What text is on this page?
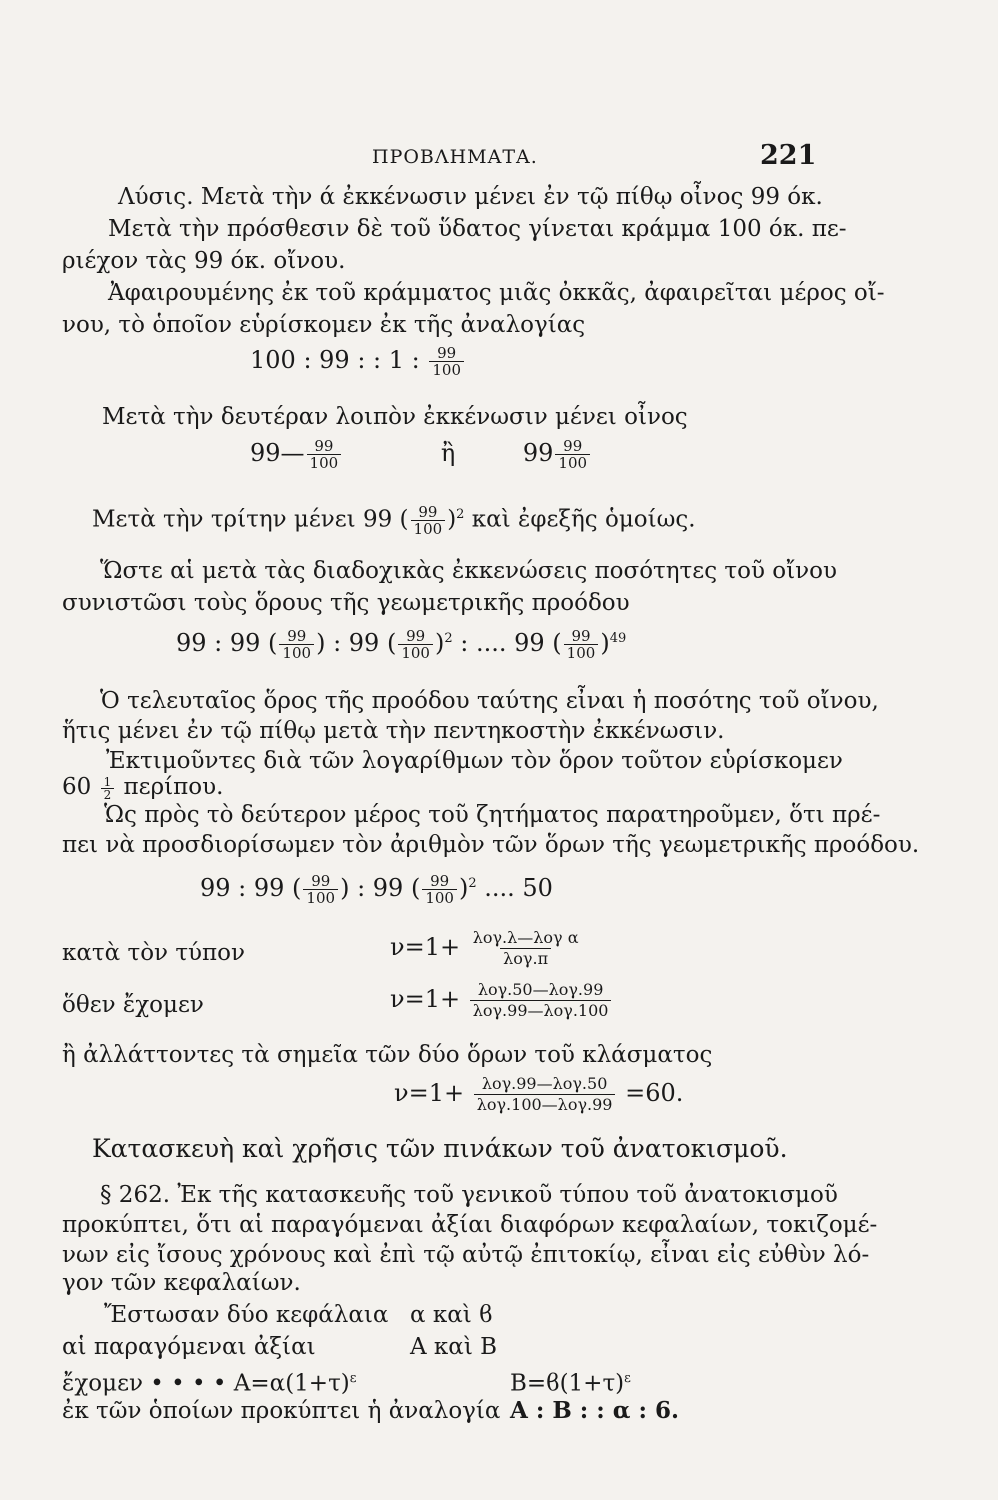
ΠΡΟΒΛΗΜΑΤΑ.	221
Λύσις. Μετὰ τὴν ά ἐκκένωσιν μένει ἐν τῷ πίθῳ οἶνος 99 όκ.
Μετὰ τὴν πρόσθεσιν δὲ τοῦ ὕδατος γίνεται κράμμα 100 όκ. πε-
ριέχον τὰς 99 όκ. οἴνου.
Ἀφαιρουμένης ἐκ τοῦ κράμματος μιᾶς ὀκκᾶς, ἀφαιρεῖται μέρος οἴ-
νου, τὸ ὁποῖον εὑρίσκομεν ἐκ τῆς ἀναλογίας
100 : 99 : : 1 : $\frac{99}{100}$
Μετὰ τὴν δευτέραν λοιπὸν ἐκκένωσιν μένει οἶνος
99— $\frac{99}{100}$	ἢ	$99 \frac{99}{100}$
Μετὰ τὴν τρίτην μένει 99 ( $\frac{99}{100} )^2$ καὶ ἐφεξῆς ὁμοίως.
Ὥστε αἱ μετὰ τὰς διαδοχικὰς ἐκκενώσεις ποσότητες τοῦ οἴνου
συνιστῶσι τοὺς ὅρους τῆς γεωμετρικῆς προόδου
99 : 99 ( $\frac{99}{100}$ ) : 99 ( $\frac{99}{100} )^2$ : .... 99 ( $\frac{99}{100} )^{49}$
Ὁ τελευταῖος ὅρος τῆς προόδου ταύτης εἶναι ἡ ποσότης τοῦ οἴνου,
ἥτις μένει ἐν τῷ πίθῳ μετὰ τὴν πεντηκοστὴν ἐκκένωσιν.
Ἐκτιμοῦντες διὰ τῶν λογαρίθμων τὸν ὅρον τοῦτον εὑρίσκομεν
$60 \frac{1}{2} \pi\varepsilon\rho ί\pi o\upsilon$.
Ὡς πρὸς τὸ δεύτερον μέρος τοῦ ζητήματος παρατηροῦμεν, ὅτι πρέ-
πει νὰ προσδιορίσωμεν τὸν ἀριθμὸν τῶν ὅρων τῆς γεωμετρικῆς προόδου.
99 : 99 ( $\frac{99}{100}$ ) : 99 ( $\frac{99}{100} )^2$ .... 50
κατὰ τὸν τύπον	$\nu=1+ \frac{\text{λογ.λ—λογ α}}{\text{λογ.π}}$
ὅθεν ἔχομεν	$\nu=1+ \frac{\text{λογ.50—λογ.99}}{\text{λογ.99—λογ.100}}$
ἢ ἀλλάττοντες τὰ σημεῖα τῶν δύο ὅρων τοῦ κλάσματος
$\nu=1+ \frac{\text{λογ.99—λογ.50}}{\text{λογ.100—λογ.99}} =60$.
Κατασκευὴ καὶ χρῆσις τῶν πινάκων τοῦ ἀνατοκισμοῦ.
§ 262. Ἐκ τῆς κατασκευῆς τοῦ γενικοῦ τύπου τοῦ ἀνατοκισμοῦ
προκύπτει, ὅτι αἱ παραγόμεναι ἀξίαι διαφόρων κεφαλαίων, τοκιζομέ-
νων εἰς ἴσους χρόνους καὶ ἐπὶ τῷ αὐτῷ ἐπιτοκίῳ, εἶναι εἰς εὐθὺν λό-
γον τῶν κεφαλαίων.
Ἔστωσαν δύο κεφάλαια α καὶ ϐ
αἱ παραγόμεναι ἀξίαι	Α καὶ Β
ἔχομεν • • • • $A=\alpha(1+\tau)^\varepsilon$	$B=ϐ(1+\tau)^\varepsilon$
ἐκ τῶν ὁποίων προκύπτει ἡ ἀναλογία Α : Β : : α : 6.
